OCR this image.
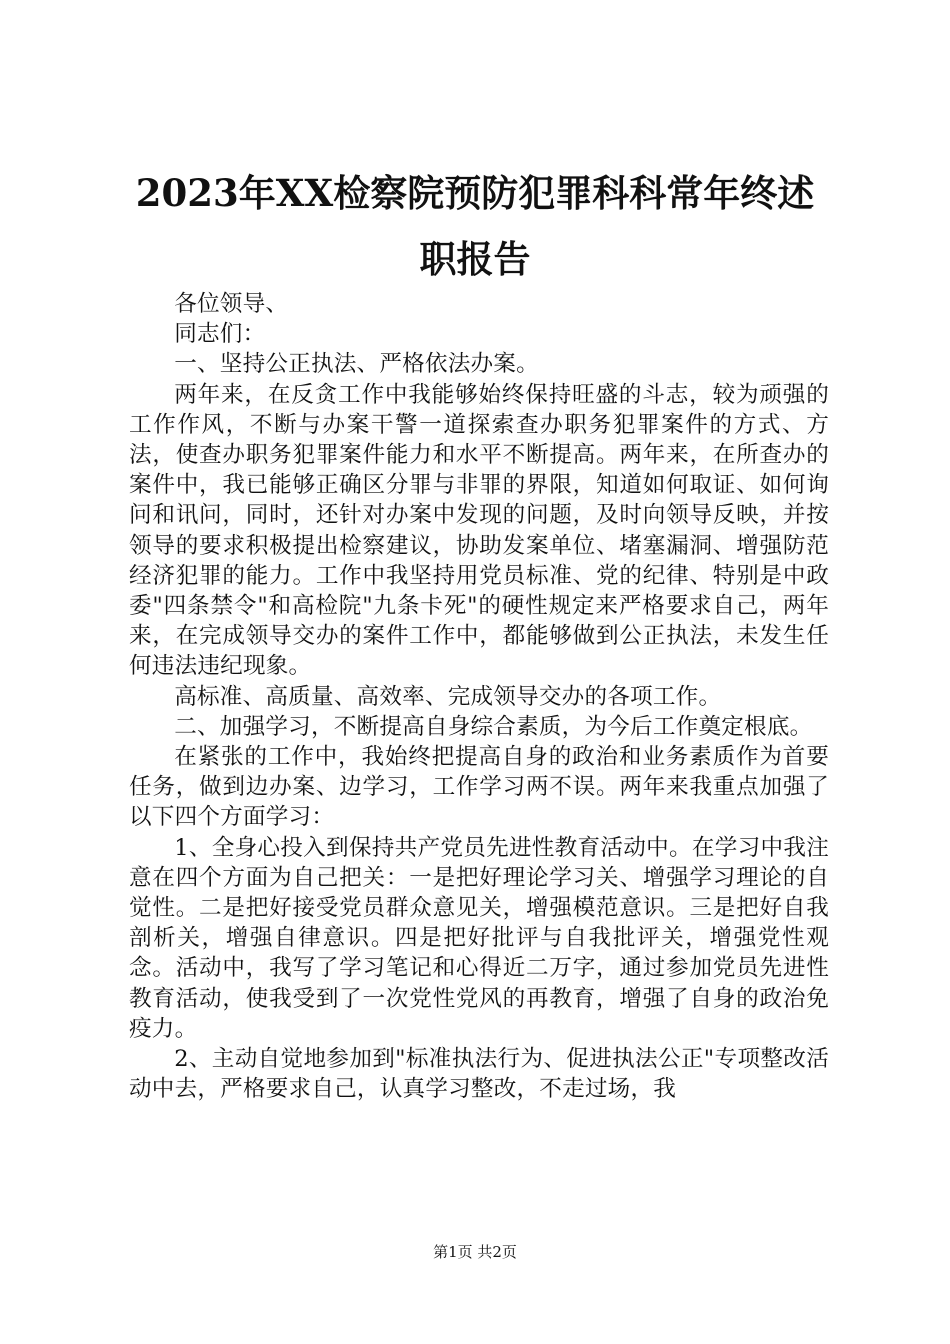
2023年XX检察院预防犯罪科科常年终述职报告

各位领导、

同志们：

一、坚持公正执法、严格依法办案。

两年来，在反贪工作中我能够始终保持旺盛的斗志，较为顽强的工作作风，不断与办案干警一道探索查办职务犯罪案件的方式、方法，使查办职务犯罪案件能力和水平不断提高。两年来，在所查办的案件中，我已能够正确区分罪与非罪的界限，知道如何取证、如何询问和讯问，同时，还针对办案中发现的问题，及时向领导反映，并按领导的要求积极提出检察建议，协助发案单位、堵塞漏洞、增强防范经济犯罪的能力。工作中我坚持用党员标准、党的纪律、特别是中政委"四条禁令"和高检院"九条卡死"的硬性规定来严格要求自己，两年来，在完成领导交办的案件工作中，都能够做到公正执法，未发生任何违法违纪现象。

高标准、高质量、高效率、完成领导交办的各项工作。

二、加强学习，不断提高自身综合素质，为今后工作奠定根底。

在紧张的工作中，我始终把提高自身的政治和业务素质作为首要任务，做到边办案、边学习，工作学习两不误。两年来我重点加强了以下四个方面学习：

1、全身心投入到保持共产党员先进性教育活动中。在学习中我注意在四个方面为自己把关：一是把好理论学习关、增强学习理论的自觉性。二是把好接受党员群众意见关，增强模范意识。三是把好自我剖析关，增强自律意识。四是把好批评与自我批评关，增强党性观念。活动中，我写了学习笔记和心得近二万字，通过参加党员先进性教育活动，使我受到了一次党性党风的再教育，增强了自身的政治免疫力。

2、主动自觉地参加到"标准执法行为、促进执法公正"专项整改活动中去，严格要求自己，认真学习整改，不走过场，我

第1页 共2页
